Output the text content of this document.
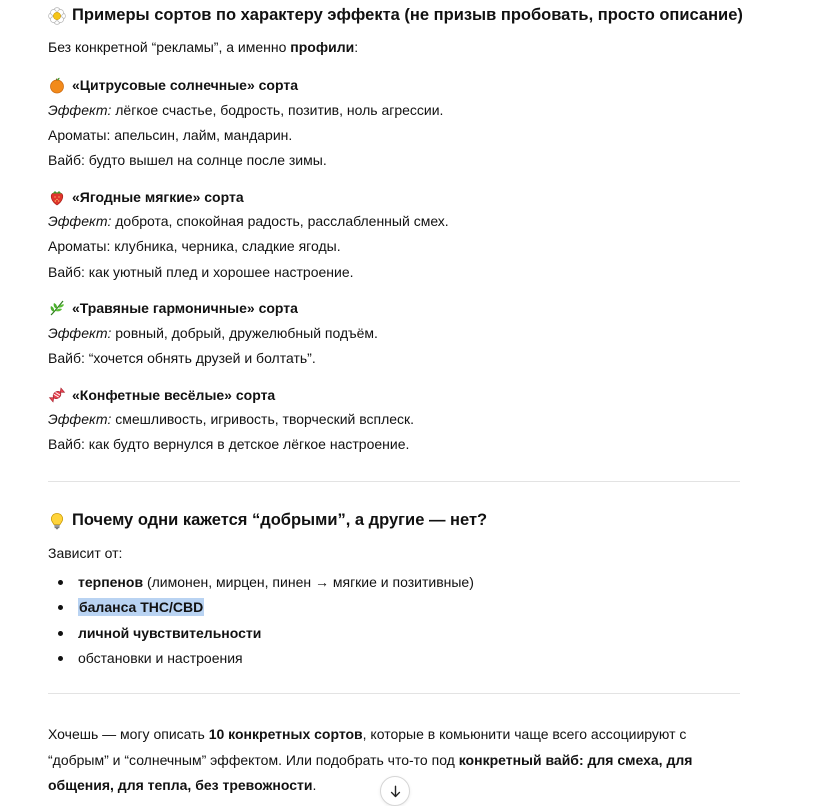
Примеры сортов по характеру эффекта (не призыв пробовать, просто описание)
Без конкретной “рекламы”, а именно профили:
«Цитрусовые солнечные» сорта
Эффект: лёгкое счастье, бодрость, позитив, ноль агрессии.
Ароматы: апельсин, лайм, мандарин.
Вайб: будто вышел на солнце после зимы.
«Ягодные мягкие» сорта
Эффект: доброта, спокойная радость, расслабленный смех.
Ароматы: клубника, черника, сладкие ягоды.
Вайб: как уютный плед и хорошее настроение.
«Травяные гармоничные» сорта
Эффект: ровный, добрый, дружелюбный подъём.
Вайб: “хочется обнять друзей и болтать”.
«Конфетные весёлые» сорта
Эффект: смешливость, игривость, творческий всплеск.
Вайб: как будто вернулся в детское лёгкое настроение.
Почему одни кажется “добрыми”, а другие — нет?
Зависит от:
терпенов (лимонен, мирцен, пинен → мягкие и позитивные)
баланса THC/CBD
личной чувствительности
обстановки и настроения
Хочешь — могу описать 10 конкретных сортов, которые в комьюнити чаще всего ассоциируют с
“добрым” и “солнечным” эффектом. Или подобрать что-то под конкретный вайб: для смеха, для
общения, для тепла, без тревожности.
